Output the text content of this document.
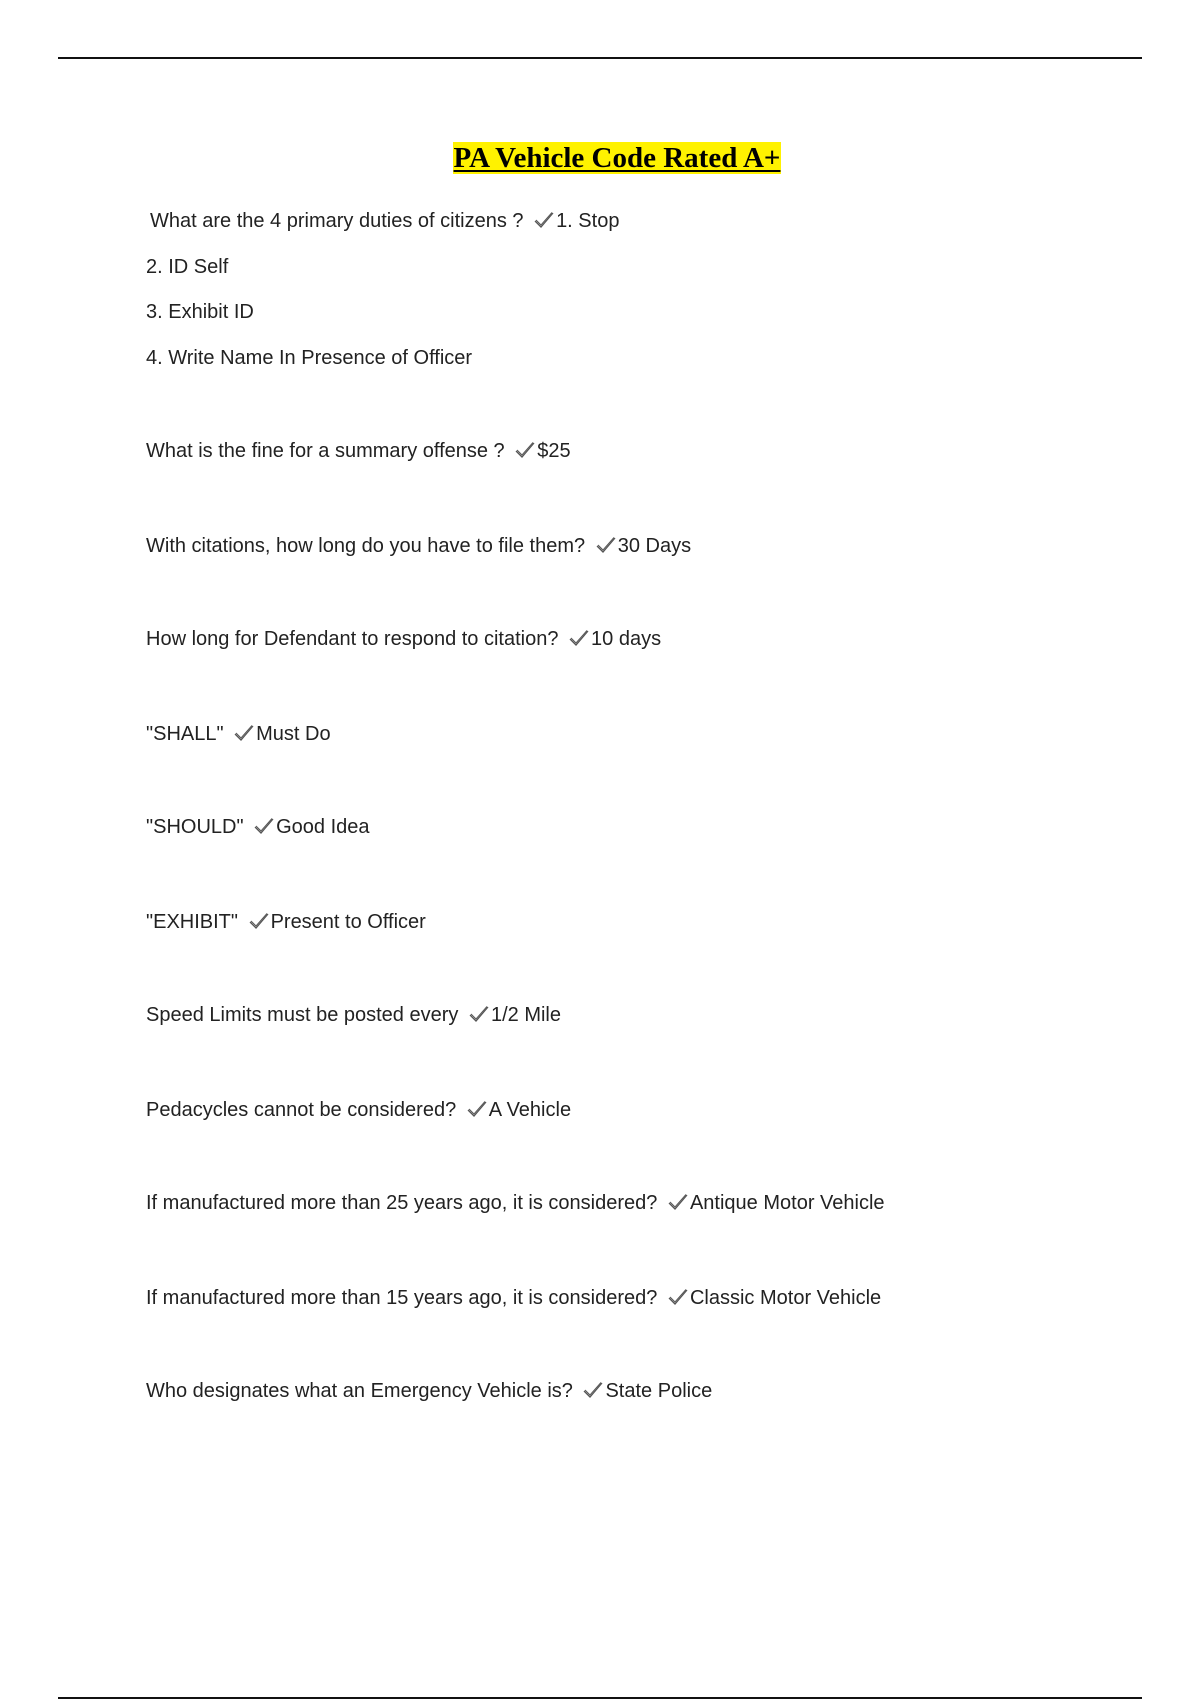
PA Vehicle Code Rated A+
What are the 4 primary duties of citizens ? 1. Stop
2. ID Self
3. Exhibit ID
4. Write Name In Presence of Officer
What is the fine for a summary offense ? $25
With citations, how long do you have to file them? 30 Days
How long for Defendant to respond to citation? 10 days
"SHALL" Must Do
"SHOULD" Good Idea
"EXHIBIT" Present to Officer
Speed Limits must be posted every 1/2 Mile
Pedacycles cannot be considered? A Vehicle
If manufactured more than 25 years ago, it is considered? Antique Motor Vehicle
If manufactured more than 15 years ago, it is considered? Classic Motor Vehicle
Who designates what an Emergency Vehicle is? State Police
